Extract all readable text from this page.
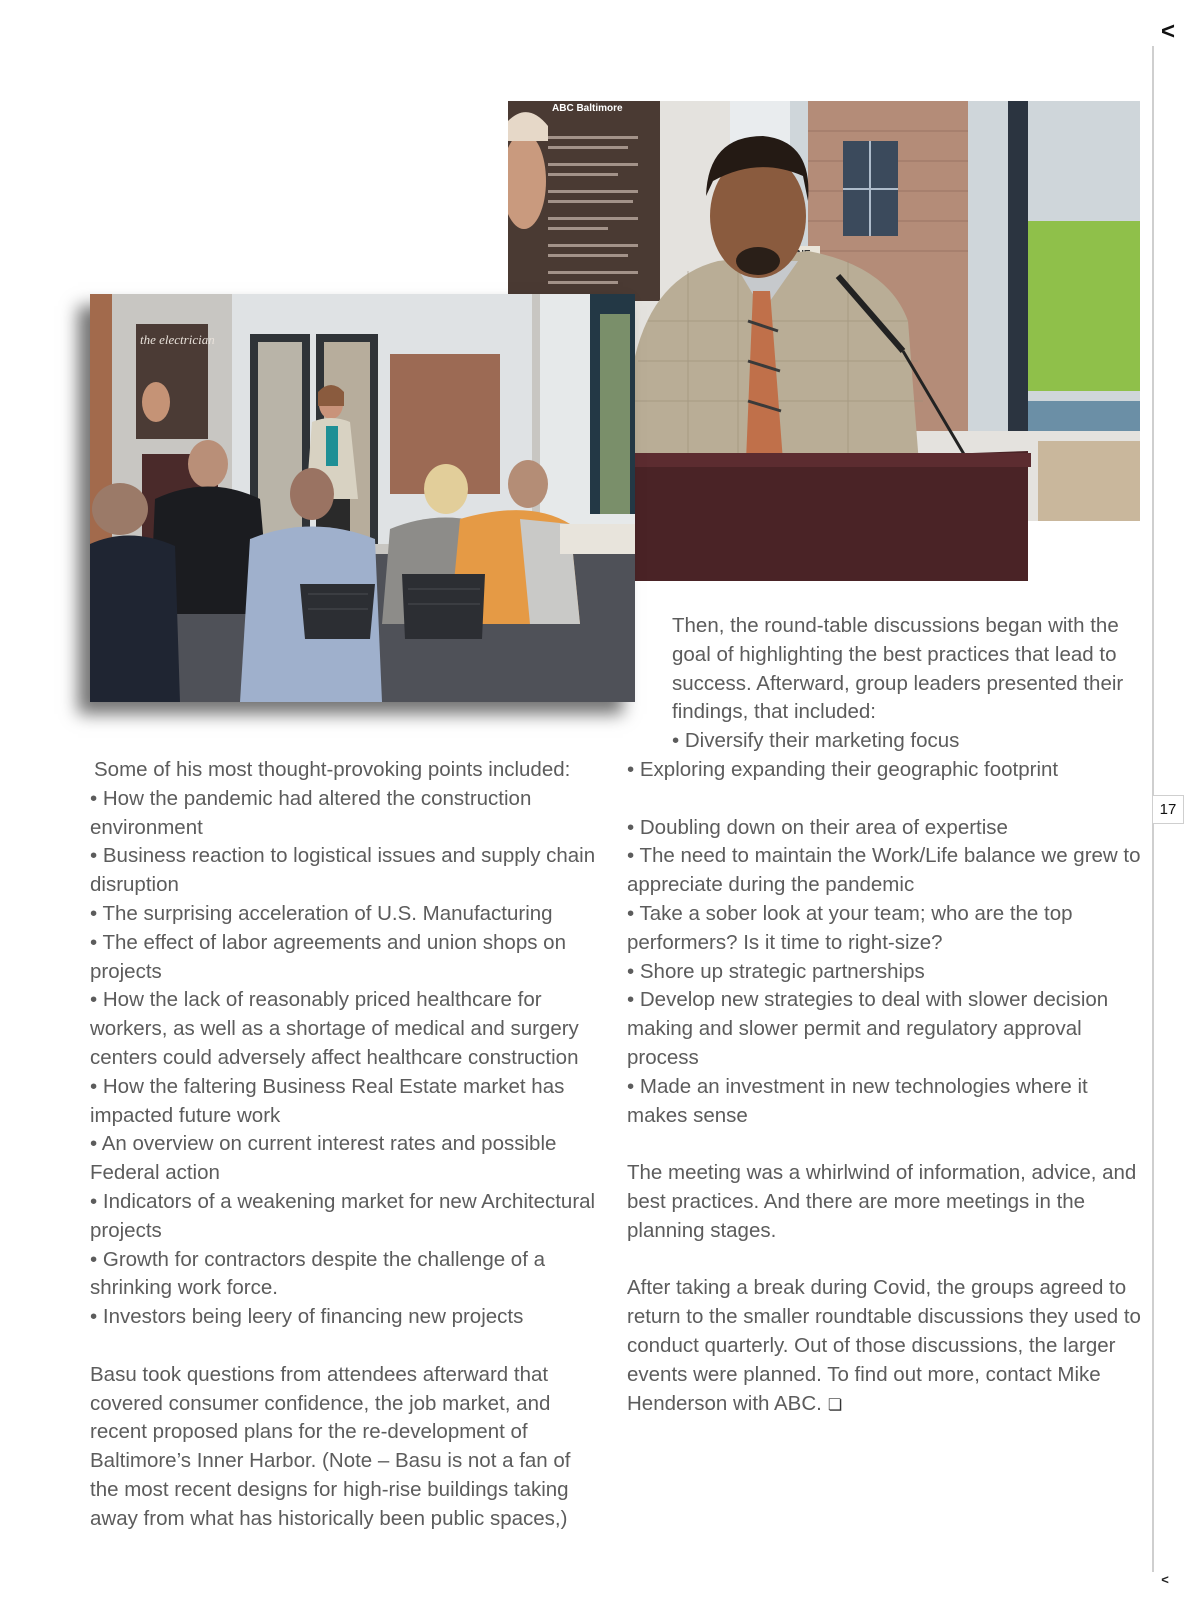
<
17
<
ABC Baltimore
the electrician

Then, the round-table discussions began with the goal of highlighting the best practices that lead to success. Afterward, group leaders presented their findings, that included:

• Diversify their marketing focus

Some of his most thought-provoking points included:

• How the pandemic had altered the construction environment

• Business reaction to logistical issues and supply chain disruption

• The surprising acceleration of U.S. Manufacturing

• The effect of labor agreements and union shops on projects

• How the lack of reasonably priced healthcare for workers, as well as a shortage of medical and surgery centers could adversely affect healthcare construction

• How the faltering Business Real Estate market has impacted future work

• An overview on current interest rates and possible Federal action

• Indicators of a weakening market for new Architectural projects

• Growth for contractors despite the challenge of a shrinking work force.

• Investors being leery of financing new projects

Basu took questions from attendees afterward that covered consumer confidence, the job market, and recent proposed plans for the re-development of Baltimore’s Inner Harbor. (Note – Basu is not a fan of the most recent designs for high-rise buildings taking away from what has historically been public spaces,)

• Exploring expanding their geographic footprint

• Doubling down on their area of expertise

• The need to maintain the Work/Life balance we grew to appreciate during the pandemic

• Take a sober look at your team; who are the top performers? Is it time to right-size?

• Shore up strategic partnerships

• Develop new strategies to deal with slower decision making and slower permit and regulatory approval process

• Made an investment in new technologies where it makes sense

The meeting was a whirlwind of information, advice, and best practices. And there are more meetings in the planning stages.

After taking a break during Covid, the groups agreed to return to the smaller roundtable discussions they used to conduct quarterly. Out of those discussions, the larger events were planned. To find out more, contact Mike Henderson with ABC. ❏
